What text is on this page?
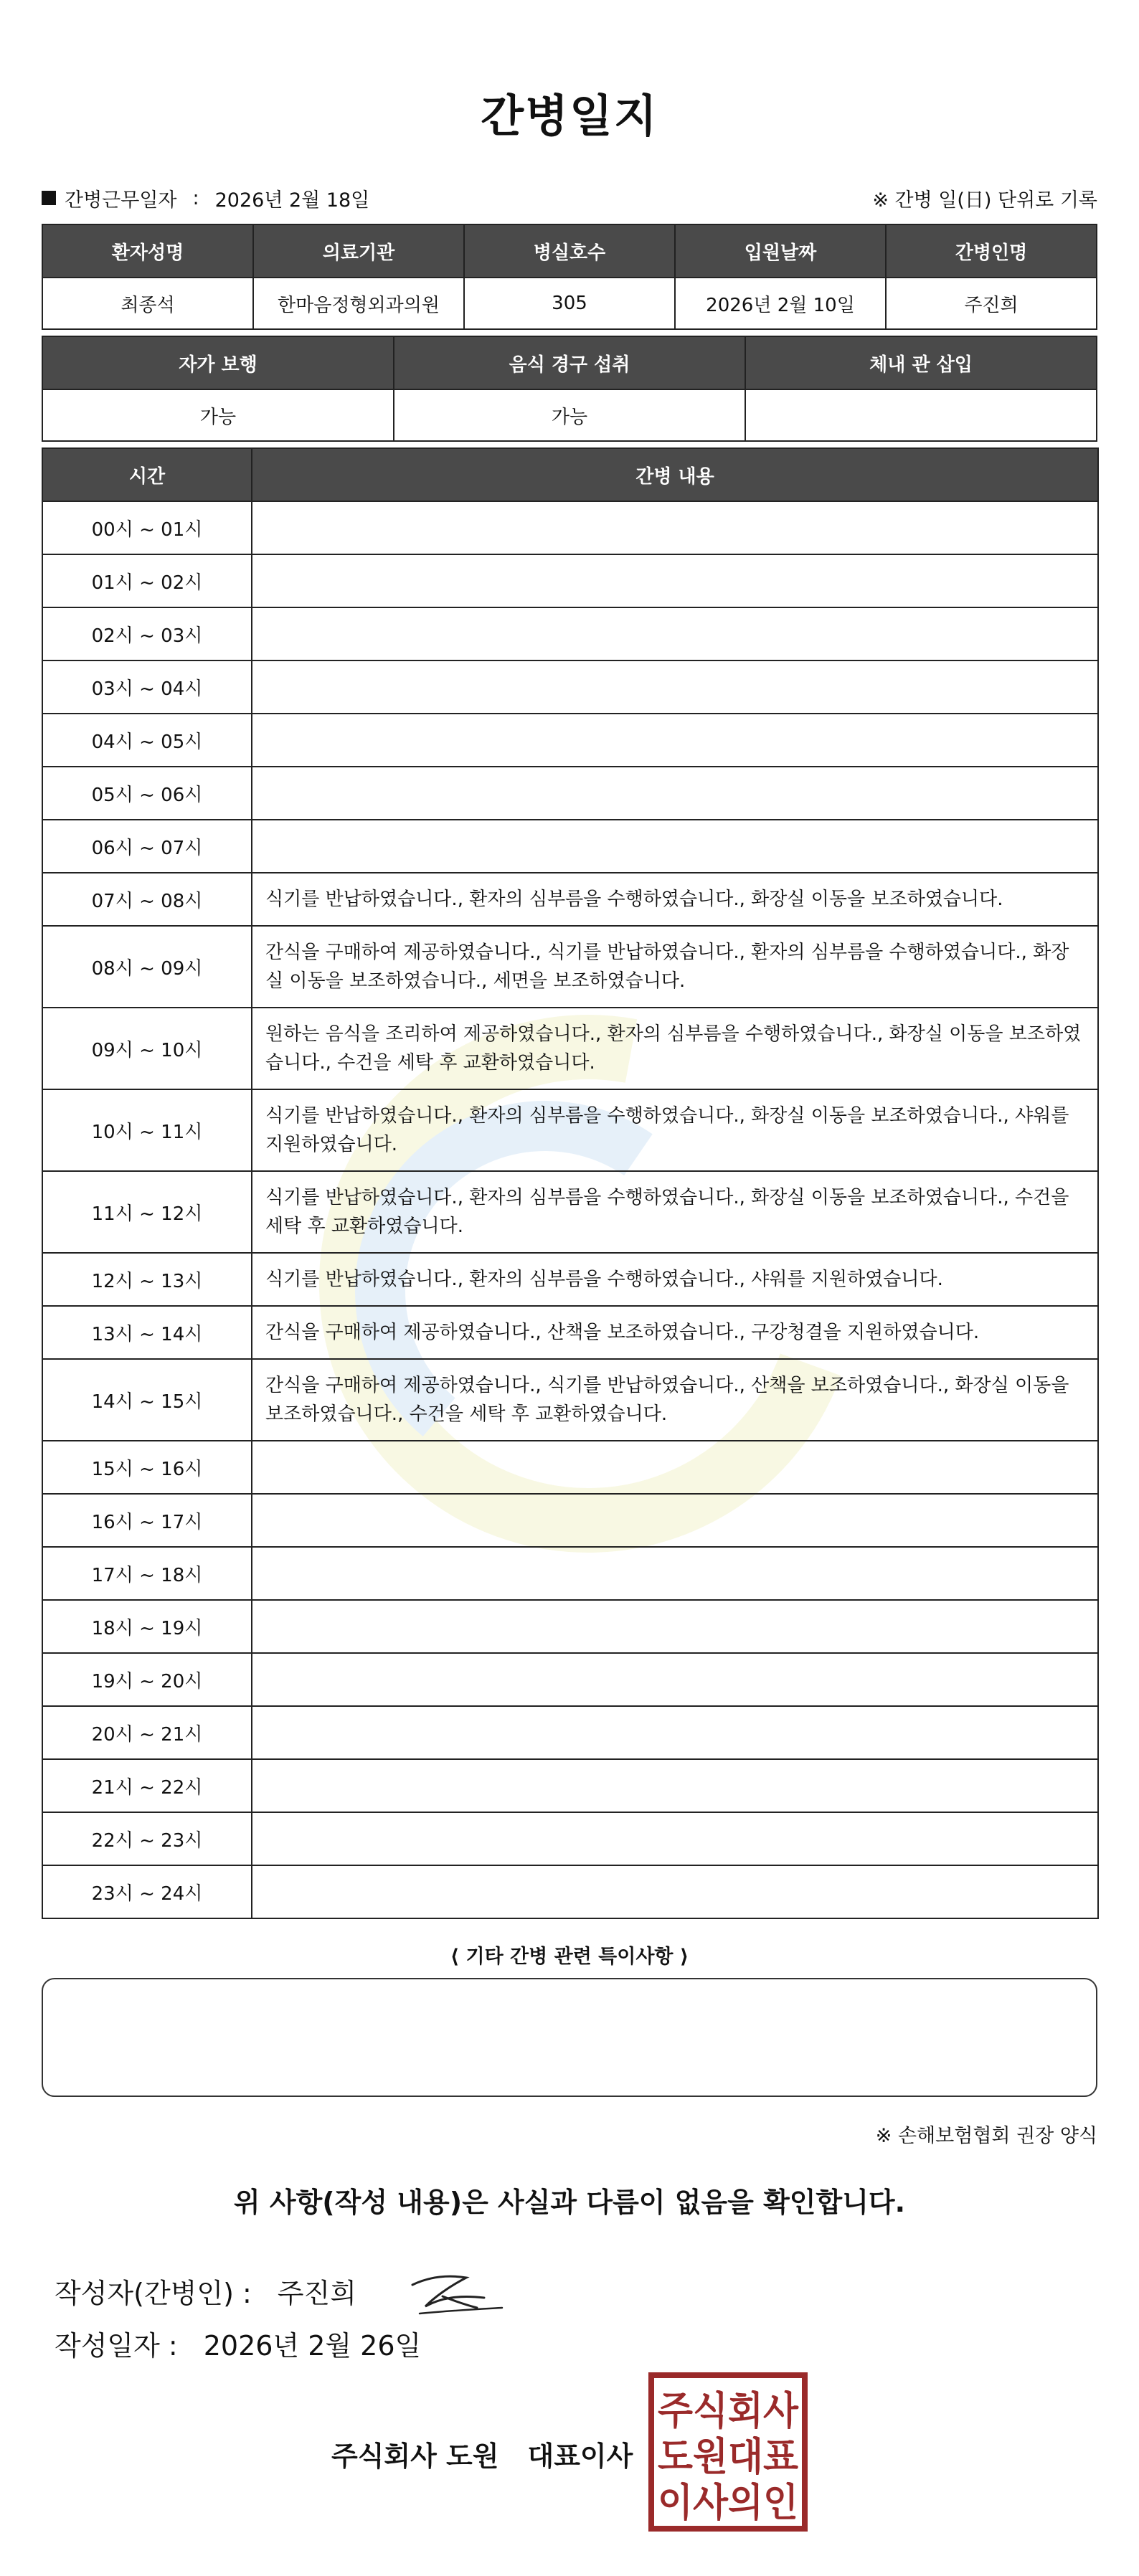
간병일지
간병근무일자 : 2026년 2월 18일	※ 간병 일(日) 단위로 기록
환자성명	의료기관	병실호수	입원날짜	간병인명
최종석	한마음정형외과의원	305	2026년 2월 10일	주진희
자가 보행	음식 경구 섭취	체내 관 삽입
가능	가능	
시간	간병 내용
00시 ~ 01시	
01시 ~ 02시	
02시 ~ 03시	
03시 ~ 04시	
04시 ~ 05시	
05시 ~ 06시	
06시 ~ 07시	
07시 ~ 08시	식기를 반납하였습니다., 환자의 심부름을 수행하였습니다., 화장실 이동을 보조하였습니다.
08시 ~ 09시	간식을 구매하여 제공하였습니다., 식기를 반납하였습니다., 환자의 심부름을 수행하였습니다., 화장실 이동을 보조하였습니다., 세면을 보조하였습니다.
09시 ~ 10시	원하는 음식을 조리하여 제공하였습니다., 환자의 심부름을 수행하였습니다., 화장실 이동을 보조하였습니다., 수건을 세탁 후 교환하였습니다.
10시 ~ 11시	식기를 반납하였습니다., 환자의 심부름을 수행하였습니다., 화장실 이동을 보조하였습니다., 샤워를 지원하였습니다.
11시 ~ 12시	식기를 반납하였습니다., 환자의 심부름을 수행하였습니다., 화장실 이동을 보조하였습니다., 수건을 세탁 후 교환하였습니다.
12시 ~ 13시	식기를 반납하였습니다., 환자의 심부름을 수행하였습니다., 샤워를 지원하였습니다.
13시 ~ 14시	간식을 구매하여 제공하였습니다., 산책을 보조하였습니다., 구강청결을 지원하였습니다.
14시 ~ 15시	간식을 구매하여 제공하였습니다., 식기를 반납하였습니다., 산책을 보조하였습니다., 화장실 이동을 보조하였습니다., 수건을 세탁 후 교환하였습니다.
15시 ~ 16시	
16시 ~ 17시	
17시 ~ 18시	
18시 ~ 19시	
19시 ~ 20시	
20시 ~ 21시	
21시 ~ 22시	
22시 ~ 23시	
23시 ~ 24시	
⟨ 기타 간병 관련 특이사항 ⟩
※ 손해보험협회 권장 양식
위 사항(작성 내용)은 사실과 다름이 없음을 확인합니다.
작성자(간병인) : 주진희
작성일자 : 2026년 2월 26일
주식회사 도원 대표이사
주식회사
도원대표
이사의인
